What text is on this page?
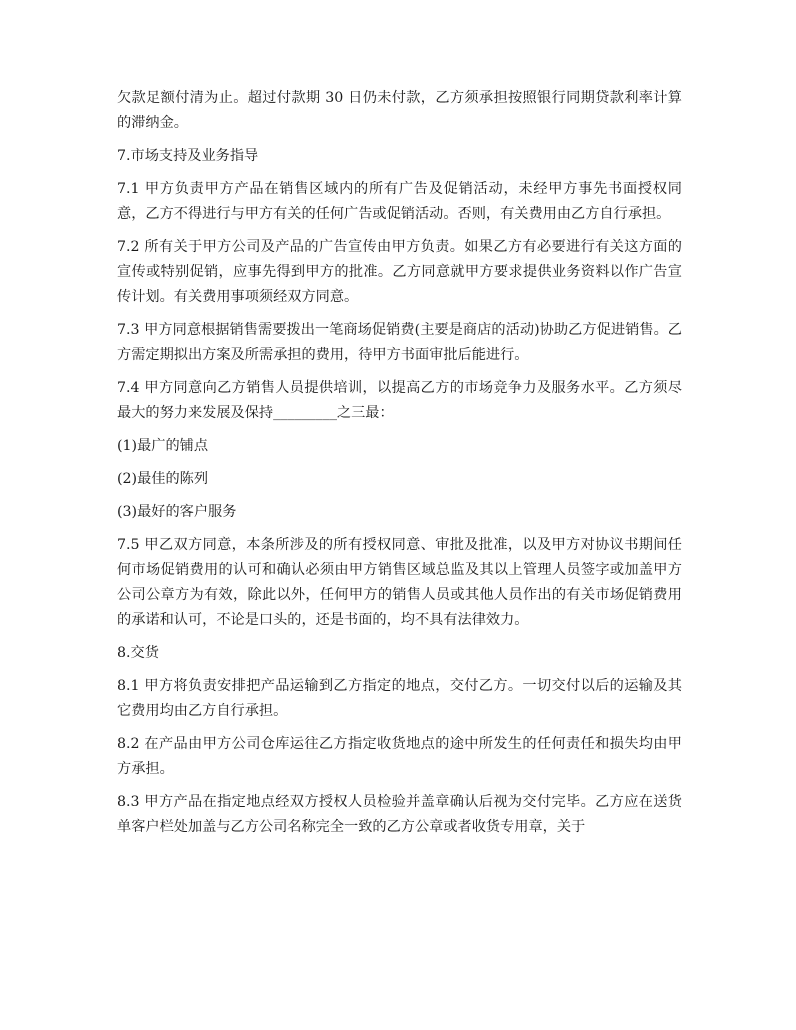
欠款足额付清为止。超过付款期 30 日仍未付款，乙方须承担按照银行同期贷款利率计算的滞纳金。

7.市场支持及业务指导

7.1 甲方负责甲方产品在销售区域内的所有广告及促销活动，未经甲方事先书面授权同意，乙方不得进行与甲方有关的任何广告或促销活动。否则，有关费用由乙方自行承担。

7.2 所有关于甲方公司及产品的广告宣传由甲方负责。如果乙方有必要进行有关这方面的宣传或特别促销，应事先得到甲方的批准。乙方同意就甲方要求提供业务资料以作广告宣传计划。有关费用事项须经双方同意。

7.3 甲方同意根据销售需要拨出一笔商场促销费(主要是商店的活动)协助乙方促进销售。乙方需定期拟出方案及所需承担的费用，待甲方书面审批后能进行。

7.4 甲方同意向乙方销售人员提供培训，以提高乙方的市场竞争力及服务水平。乙方须尽最大的努力来发展及保持_________之三最：

(1)最广的铺点

(2)最佳的陈列

(3)最好的客户服务

7.5 甲乙双方同意，本条所涉及的所有授权同意、审批及批准，以及甲方对协议书期间任何市场促销费用的认可和确认必须由甲方销售区域总监及其以上管理人员签字或加盖甲方公司公章方为有效，除此以外，任何甲方的销售人员或其他人员作出的有关市场促销费用的承诺和认可，不论是口头的，还是书面的，均不具有法律效力。

8.交货

8.1 甲方将负责安排把产品运输到乙方指定的地点，交付乙方。一切交付以后的运输及其它费用均由乙方自行承担。

8.2 在产品由甲方公司仓库运往乙方指定收货地点的途中所发生的任何责任和损失均由甲方承担。

8.3 甲方产品在指定地点经双方授权人员检验并盖章确认后视为交付完毕。乙方应在送货单客户栏处加盖与乙方公司名称完全一致的乙方公章或者收货专用章，关于
